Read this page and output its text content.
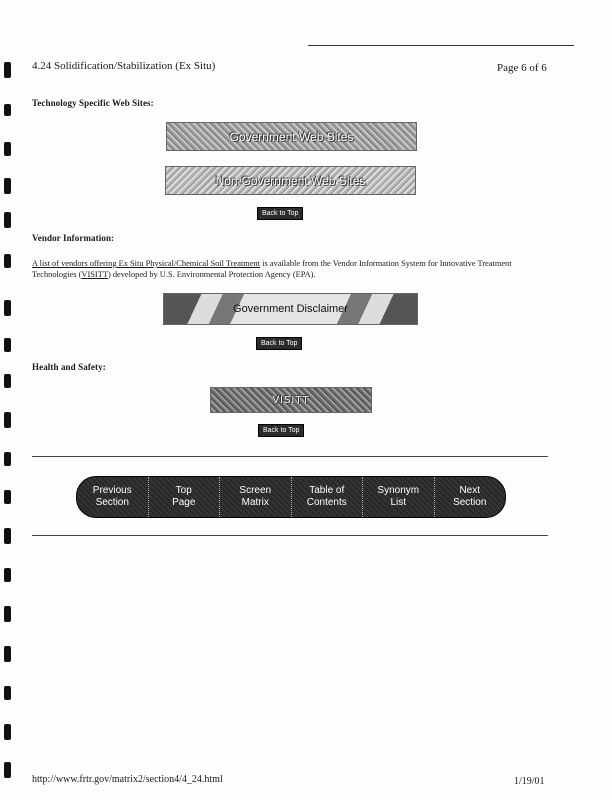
4.24 Solidification/Stabilization (Ex Situ)	Page 6 of 6
Technology Specific Web Sites:
Government Web Sites
Non-Government Web Sites
Back to Top
Vendor Information:
A list of vendors offering Ex Situ Physical/Chemical Soil Treatment is available from the Vendor Information System for Innovative Treatment Technologies (VISITT) developed by U.S. Environmental Protection Agency (EPA).
Government Disclaimer
Back to Top
Health and Safety:
VISITT
Back to Top
Previous
Section
Top
Page
Screen
Matrix
Table of
Contents
Synonym
List
Next
Section
http://www.frtr.gov/matrix2/section4/4_24.html	1/19/01
